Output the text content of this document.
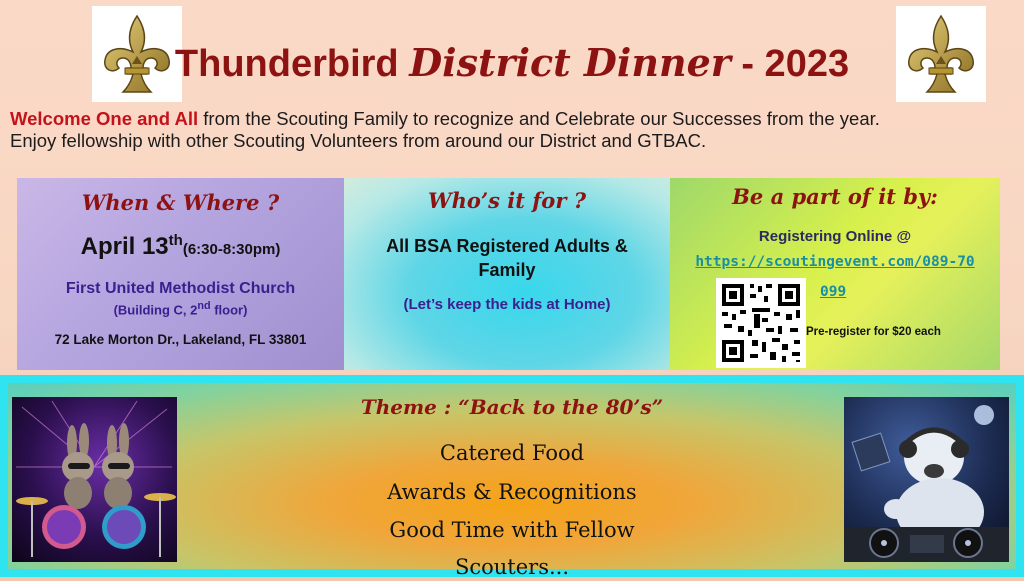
Thunderbird District Dinner - 2023
Welcome One and All from the Scouting Family to recognize and Celebrate our Successes from the year.
Enjoy fellowship with other Scouting Volunteers from around our District and GTBAC.
When & Where ?
April 13th(6:30-8:30pm)
First United Methodist Church
(Building C, 2nd floor)
72 Lake Morton Dr., Lakeland, FL 33801
Who’s it for ?
All BSA Registered Adults &
Family
(Let’s keep the kids at Home)
Be a part of it by:
Registering Online @
https://scoutingevent.com/089-70
099
Pre-register for $20 each
Theme : “Back to the 80’s”
Catered Food
Awards & Recognitions
Good Time with Fellow
Scouters...
